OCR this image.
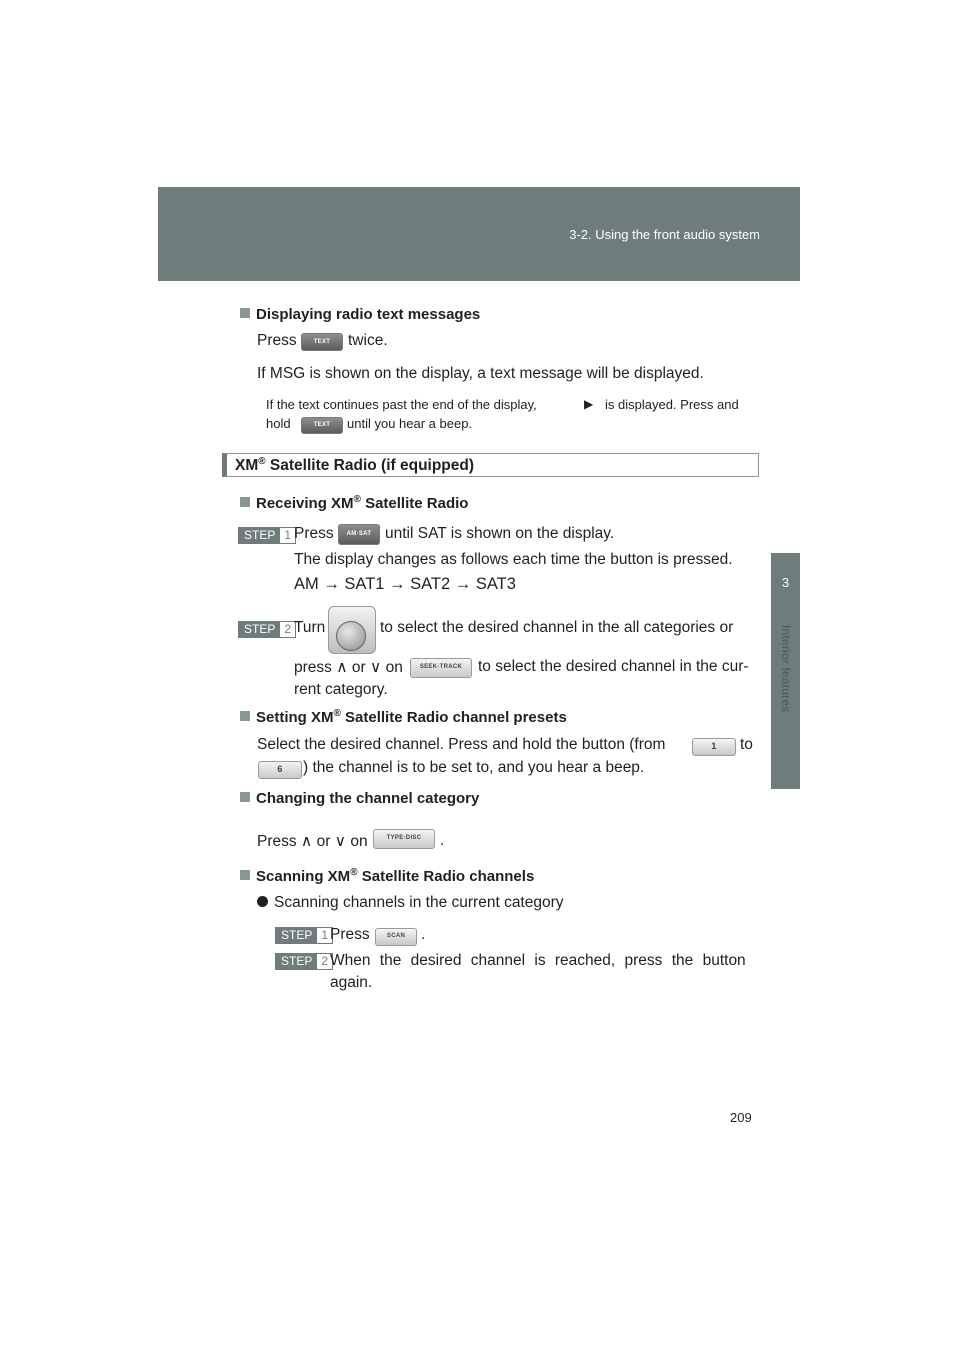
3-2. Using the front audio system
3
Interior features
Displaying radio text messages
Press	TEXT	twice.
If MSG is shown on the display, a text message will be displayed.
If the text continues past the end of the display,	▶ is displayed. Press and
hold	TEXT	until you hear a beep.
XM® Satellite Radio (if equipped)
Receiving XM® Satellite Radio
STEP 1 Press	AM·SAT until SAT is shown on the display.
The display changes as follows each time the button is pressed.
AM → SAT1 → SAT2 → SAT3
STEP 2 Turn	to select the desired channel in the all categories or
press ∧ or ∨ on	SEEK·TRACK	to select the desired channel in the cur-
rent category.
Setting XM® Satellite Radio channel presets
Select the desired channel. Press and hold the button (from	1	to
6	) the channel is to be set to, and you hear a beep.
Changing the channel category
Press ∧ or ∨ on	TYPE·DISC	.
Scanning XM® Satellite Radio channels
Scanning channels in the current category
STEP 1 Press	SCAN	.
STEP 2 When the desired channel is reached, press the button
again.
209
